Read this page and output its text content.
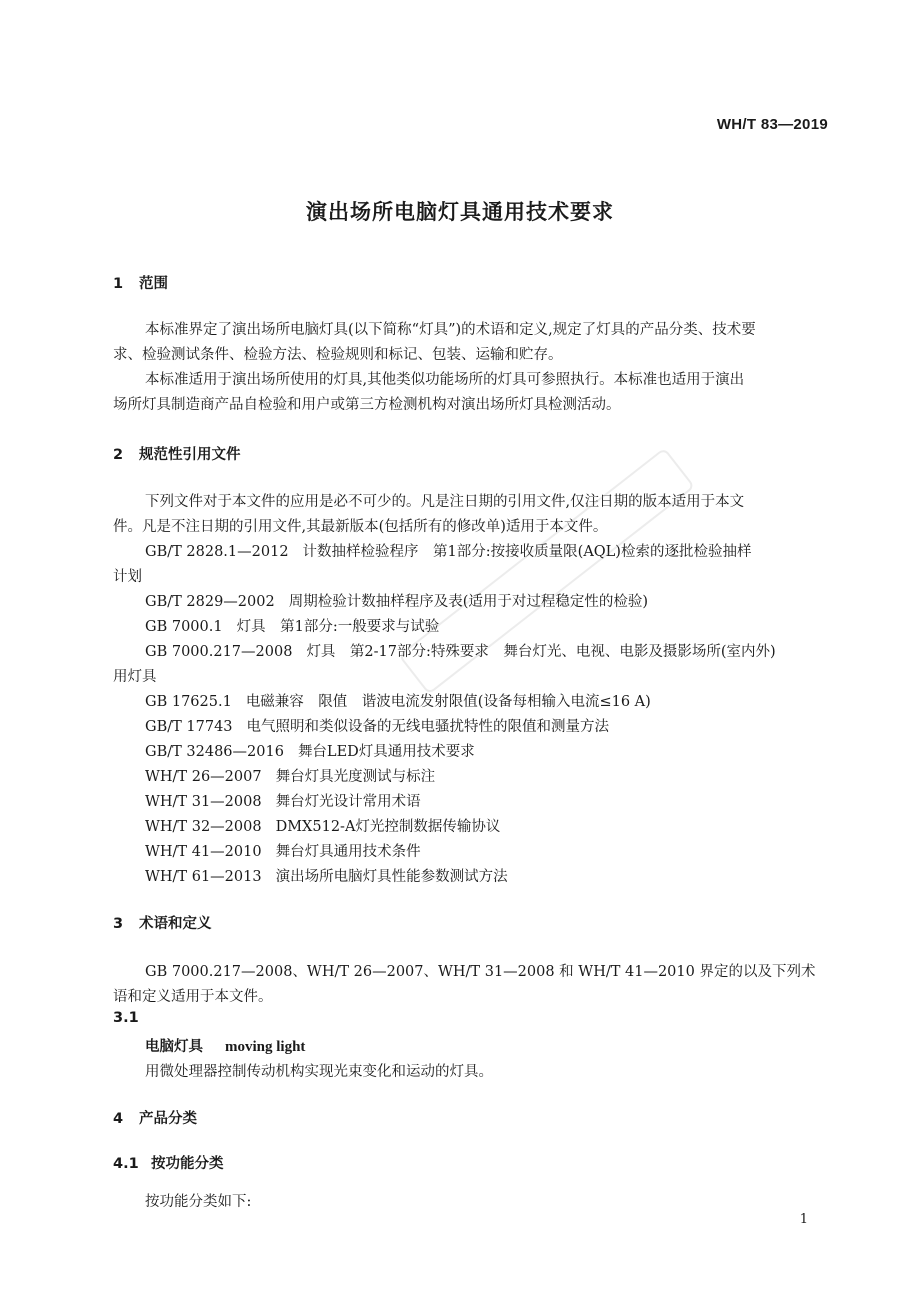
WH/T 83—2019
演出场所电脑灯具通用技术要求
1 范围
本标准界定了演出场所电脑灯具(以下简称“灯具”)的术语和定义,规定了灯具的产品分类、技术要
求、检验测试条件、检验方法、检验规则和标记、包装、运输和贮存。
本标准适用于演出场所使用的灯具,其他类似功能场所的灯具可参照执行。本标准也适用于演出
场所灯具制造商产品自检验和用户或第三方检测机构对演出场所灯具检测活动。
2 规范性引用文件
下列文件对于本文件的应用是必不可少的。凡是注日期的引用文件,仅注日期的版本适用于本文
件。凡是不注日期的引用文件,其最新版本(包括所有的修改单)适用于本文件。
GB/T 2828.1—2012 计数抽样检验程序　第1部分:按接收质量限(AQL)检索的逐批检验抽样
计划
GB/T 2829—2002 周期检验计数抽样程序及表(适用于对过程稳定性的检验)
GB 7000.1 灯具　第1部分:一般要求与试验
GB 7000.217—2008 灯具　第2-17部分:特殊要求　舞台灯光、电视、电影及摄影场所(室内外)
用灯具
GB 17625.1 电磁兼容　限值　谐波电流发射限值(设备每相输入电流≤16 A)
GB/T 17743 电气照明和类似设备的无线电骚扰特性的限值和测量方法
GB/T 32486—2016 舞台LED灯具通用技术要求
WH/T 26—2007 舞台灯具光度测试与标注
WH/T 31—2008 舞台灯光设计常用术语
WH/T 32—2008 DMX512-A灯光控制数据传输协议
WH/T 41—2010 舞台灯具通用技术条件
WH/T 61—2013 演出场所电脑灯具性能参数测试方法
3 术语和定义
GB 7000.217—2008、WH/T 26—2007、WH/T 31—2008 和 WH/T 41—2010 界定的以及下列术
语和定义适用于本文件。
3.1
电脑灯具 moving light
用微处理器控制传动机构实现光束变化和运动的灯具。
4 产品分类
4.1 按功能分类
按功能分类如下:
1
